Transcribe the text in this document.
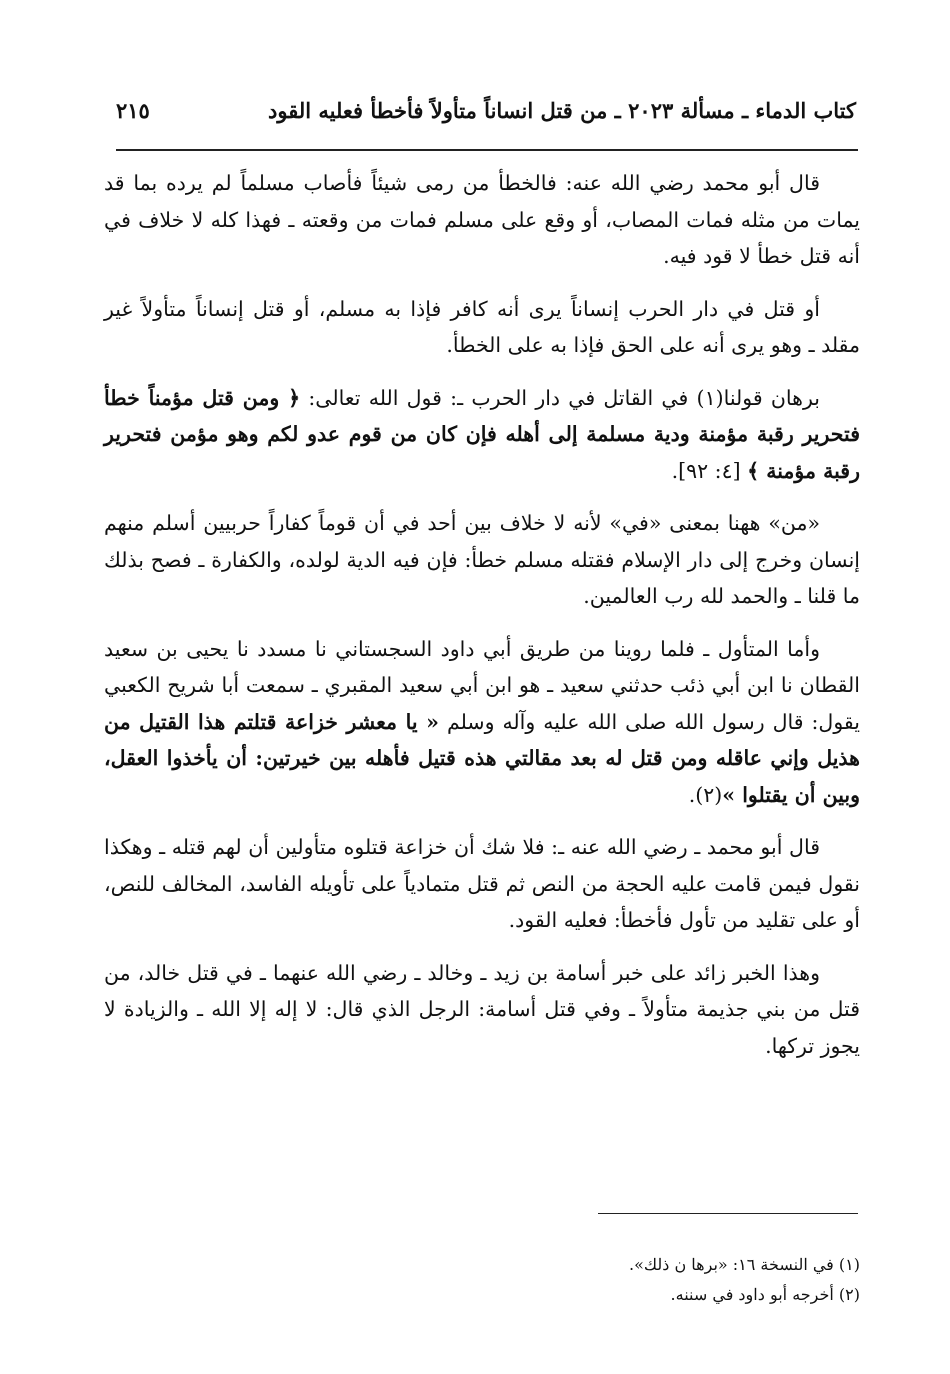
كتاب الدماء ـ مسألة ٢٠٢٣ ـ من قتل انساناً متأولاً فأخطأ فعليه القود
٢١٥

قال أبو محمد رضي الله عنه: فالخطأ من رمى شيئاً فأصاب مسلماً لم يرده بما قد يمات من مثله فمات المصاب، أو وقع على مسلم فمات من وقعته ـ فهذا كله لا خلاف في أنه قتل خطأ لا قود فيه.

أو قتل في دار الحرب إنساناً يرى أنه كافر فإذا به مسلم، أو قتل إنساناً متأولاً غير مقلد ـ وهو يرى أنه على الحق فإذا به على الخطأ.

برهان قولنا(١) في القاتل في دار الحرب ـ: قول الله تعالى: ﴿ ومن قتل مؤمناً خطأ فتحرير رقبة مؤمنة ودية مسلمة إلى أهله فإن كان من قوم عدو لكم وهو مؤمن فتحرير رقبة مؤمنة ﴾ [٤: ٩٢].

«من» ههنا بمعنى «في» لأنه لا خلاف بين أحد في أن قوماً كفاراً حربيين أسلم منهم إنسان وخرج إلى دار الإسلام فقتله مسلم خطأ: فإن فيه الدية لولده، والكفارة ـ فصح بذلك ما قلنا ـ والحمد لله رب العالمين.

وأما المتأول ـ فلما روينا من طريق أبي داود السجستاني نا مسدد نا يحيى بن سعيد القطان نا ابن أبي ذئب حدثني سعيد ـ هو ابن أبي سعيد المقبري ـ سمعت أبا شريح الكعبي يقول: قال رسول الله صلى الله عليه وآله وسلم « يا معشر خزاعة قتلتم هذا القتيل من هذيل وإني عاقله ومن قتل له بعد مقالتي هذه قتيل فأهله بين خيرتين: أن يأخذوا العقل، وبين أن يقتلوا »(٢).

قال أبو محمد ـ رضي الله عنه ـ: فلا شك أن خزاعة قتلوه متأولين أن لهم قتله ـ وهكذا نقول فيمن قامت عليه الحجة من النص ثم قتل متمادياً على تأويله الفاسد، المخالف للنص، أو على تقليد من تأول فأخطأ: فعليه القود.

وهذا الخبر زائد على خبر أسامة بن زيد ـ وخالد ـ رضي الله عنهما ـ في قتل خالد، من قتل من بني جذيمة متأولاً ـ وفي قتل أسامة: الرجل الذي قال: لا إله إلا الله ـ والزيادة لا يجوز تركها.

(١) في النسخة ١٦: «برها ن ذلك».

(٢) أخرجه أبو داود في سننه.
